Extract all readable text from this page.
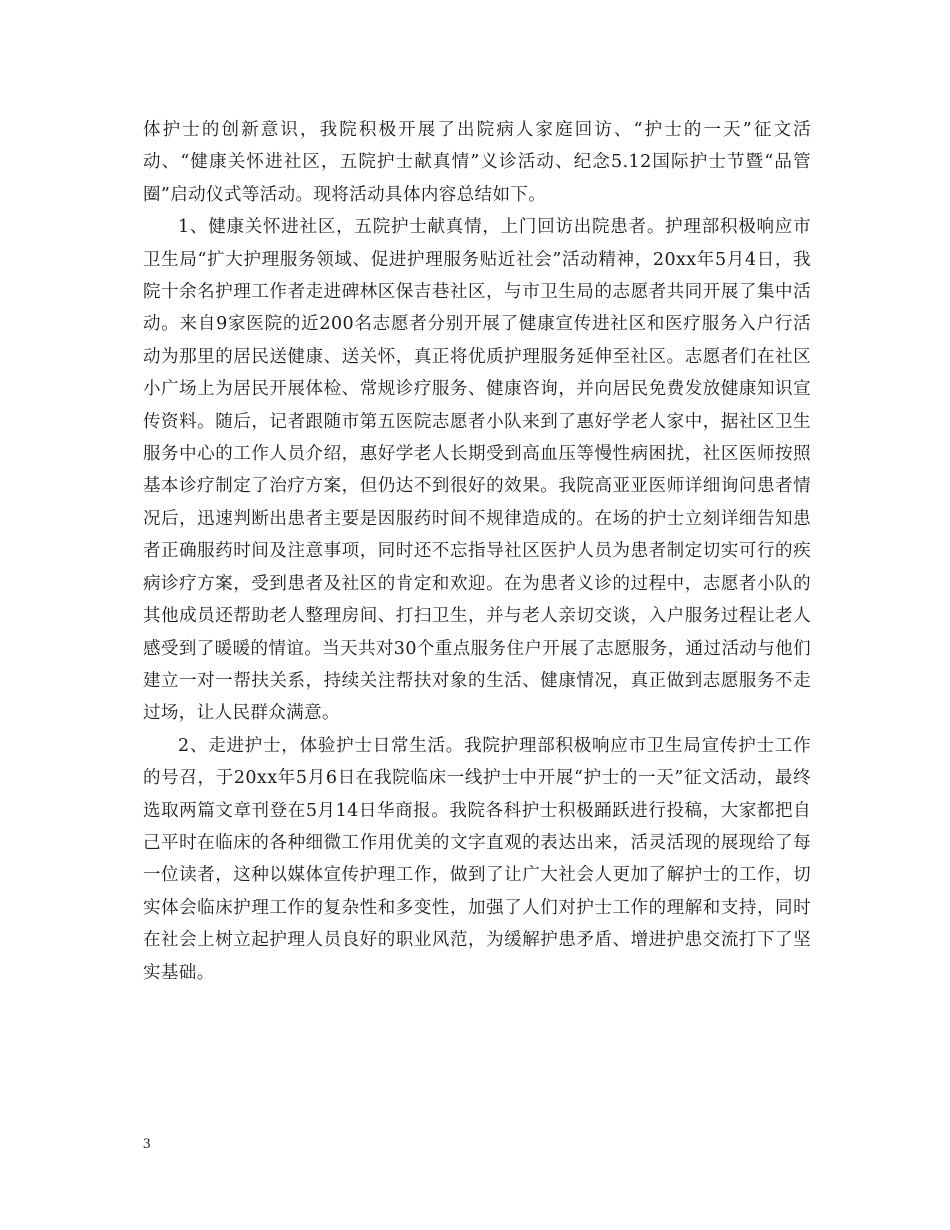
体护士的创新意识，我院积极开展了出院病人家庭回访、“护士的一天”征文活动、“健康关怀进社区，五院护士献真情”义诊活动、纪念5.12国际护士节暨“品管圈”启动仪式等活动。现将活动具体内容总结如下。

1、健康关怀进社区，五院护士献真情，上门回访出院患者。护理部积极响应市卫生局“扩大护理服务领域、促进护理服务贴近社会”活动精神，20xx年5月4日，我院十余名护理工作者走进碑林区保吉巷社区，与市卫生局的志愿者共同开展了集中活动。来自9家医院的近200名志愿者分别开展了健康宣传进社区和医疗服务入户行活动为那里的居民送健康、送关怀，真正将优质护理服务延伸至社区。志愿者们在社区小广场上为居民开展体检、常规诊疗服务、健康咨询，并向居民免费发放健康知识宣传资料。随后，记者跟随市第五医院志愿者小队来到了惠好学老人家中，据社区卫生服务中心的工作人员介绍，惠好学老人长期受到高血压等慢性病困扰，社区医师按照基本诊疗制定了治疗方案，但仍达不到很好的效果。我院高亚亚医师详细询问患者情况后，迅速判断出患者主要是因服药时间不规律造成的。在场的护士立刻详细告知患者正确服药时间及注意事项，同时还不忘指导社区医护人员为患者制定切实可行的疾病诊疗方案，受到患者及社区的肯定和欢迎。在为患者义诊的过程中，志愿者小队的其他成员还帮助老人整理房间、打扫卫生，并与老人亲切交谈，入户服务过程让老人感受到了暖暖的情谊。当天共对30个重点服务住户开展了志愿服务，通过活动与他们建立一对一帮扶关系，持续关注帮扶对象的生活、健康情况，真正做到志愿服务不走过场，让人民群众满意。

2、走进护士，体验护士日常生活。我院护理部积极响应市卫生局宣传护士工作的号召，于20xx年5月6日在我院临床一线护士中开展“护士的一天”征文活动，最终选取两篇文章刊登在5月14日华商报。我院各科护士积极踊跃进行投稿，大家都把自己平时在临床的各种细微工作用优美的文字直观的表达出来，活灵活现的展现给了每一位读者，这种以媒体宣传护理工作，做到了让广大社会人更加了解护士的工作，切实体会临床护理工作的复杂性和多变性，加强了人们对护士工作的理解和支持，同时在社会上树立起护理人员良好的职业风范，为缓解护患矛盾、增进护患交流打下了坚实基础。

3
